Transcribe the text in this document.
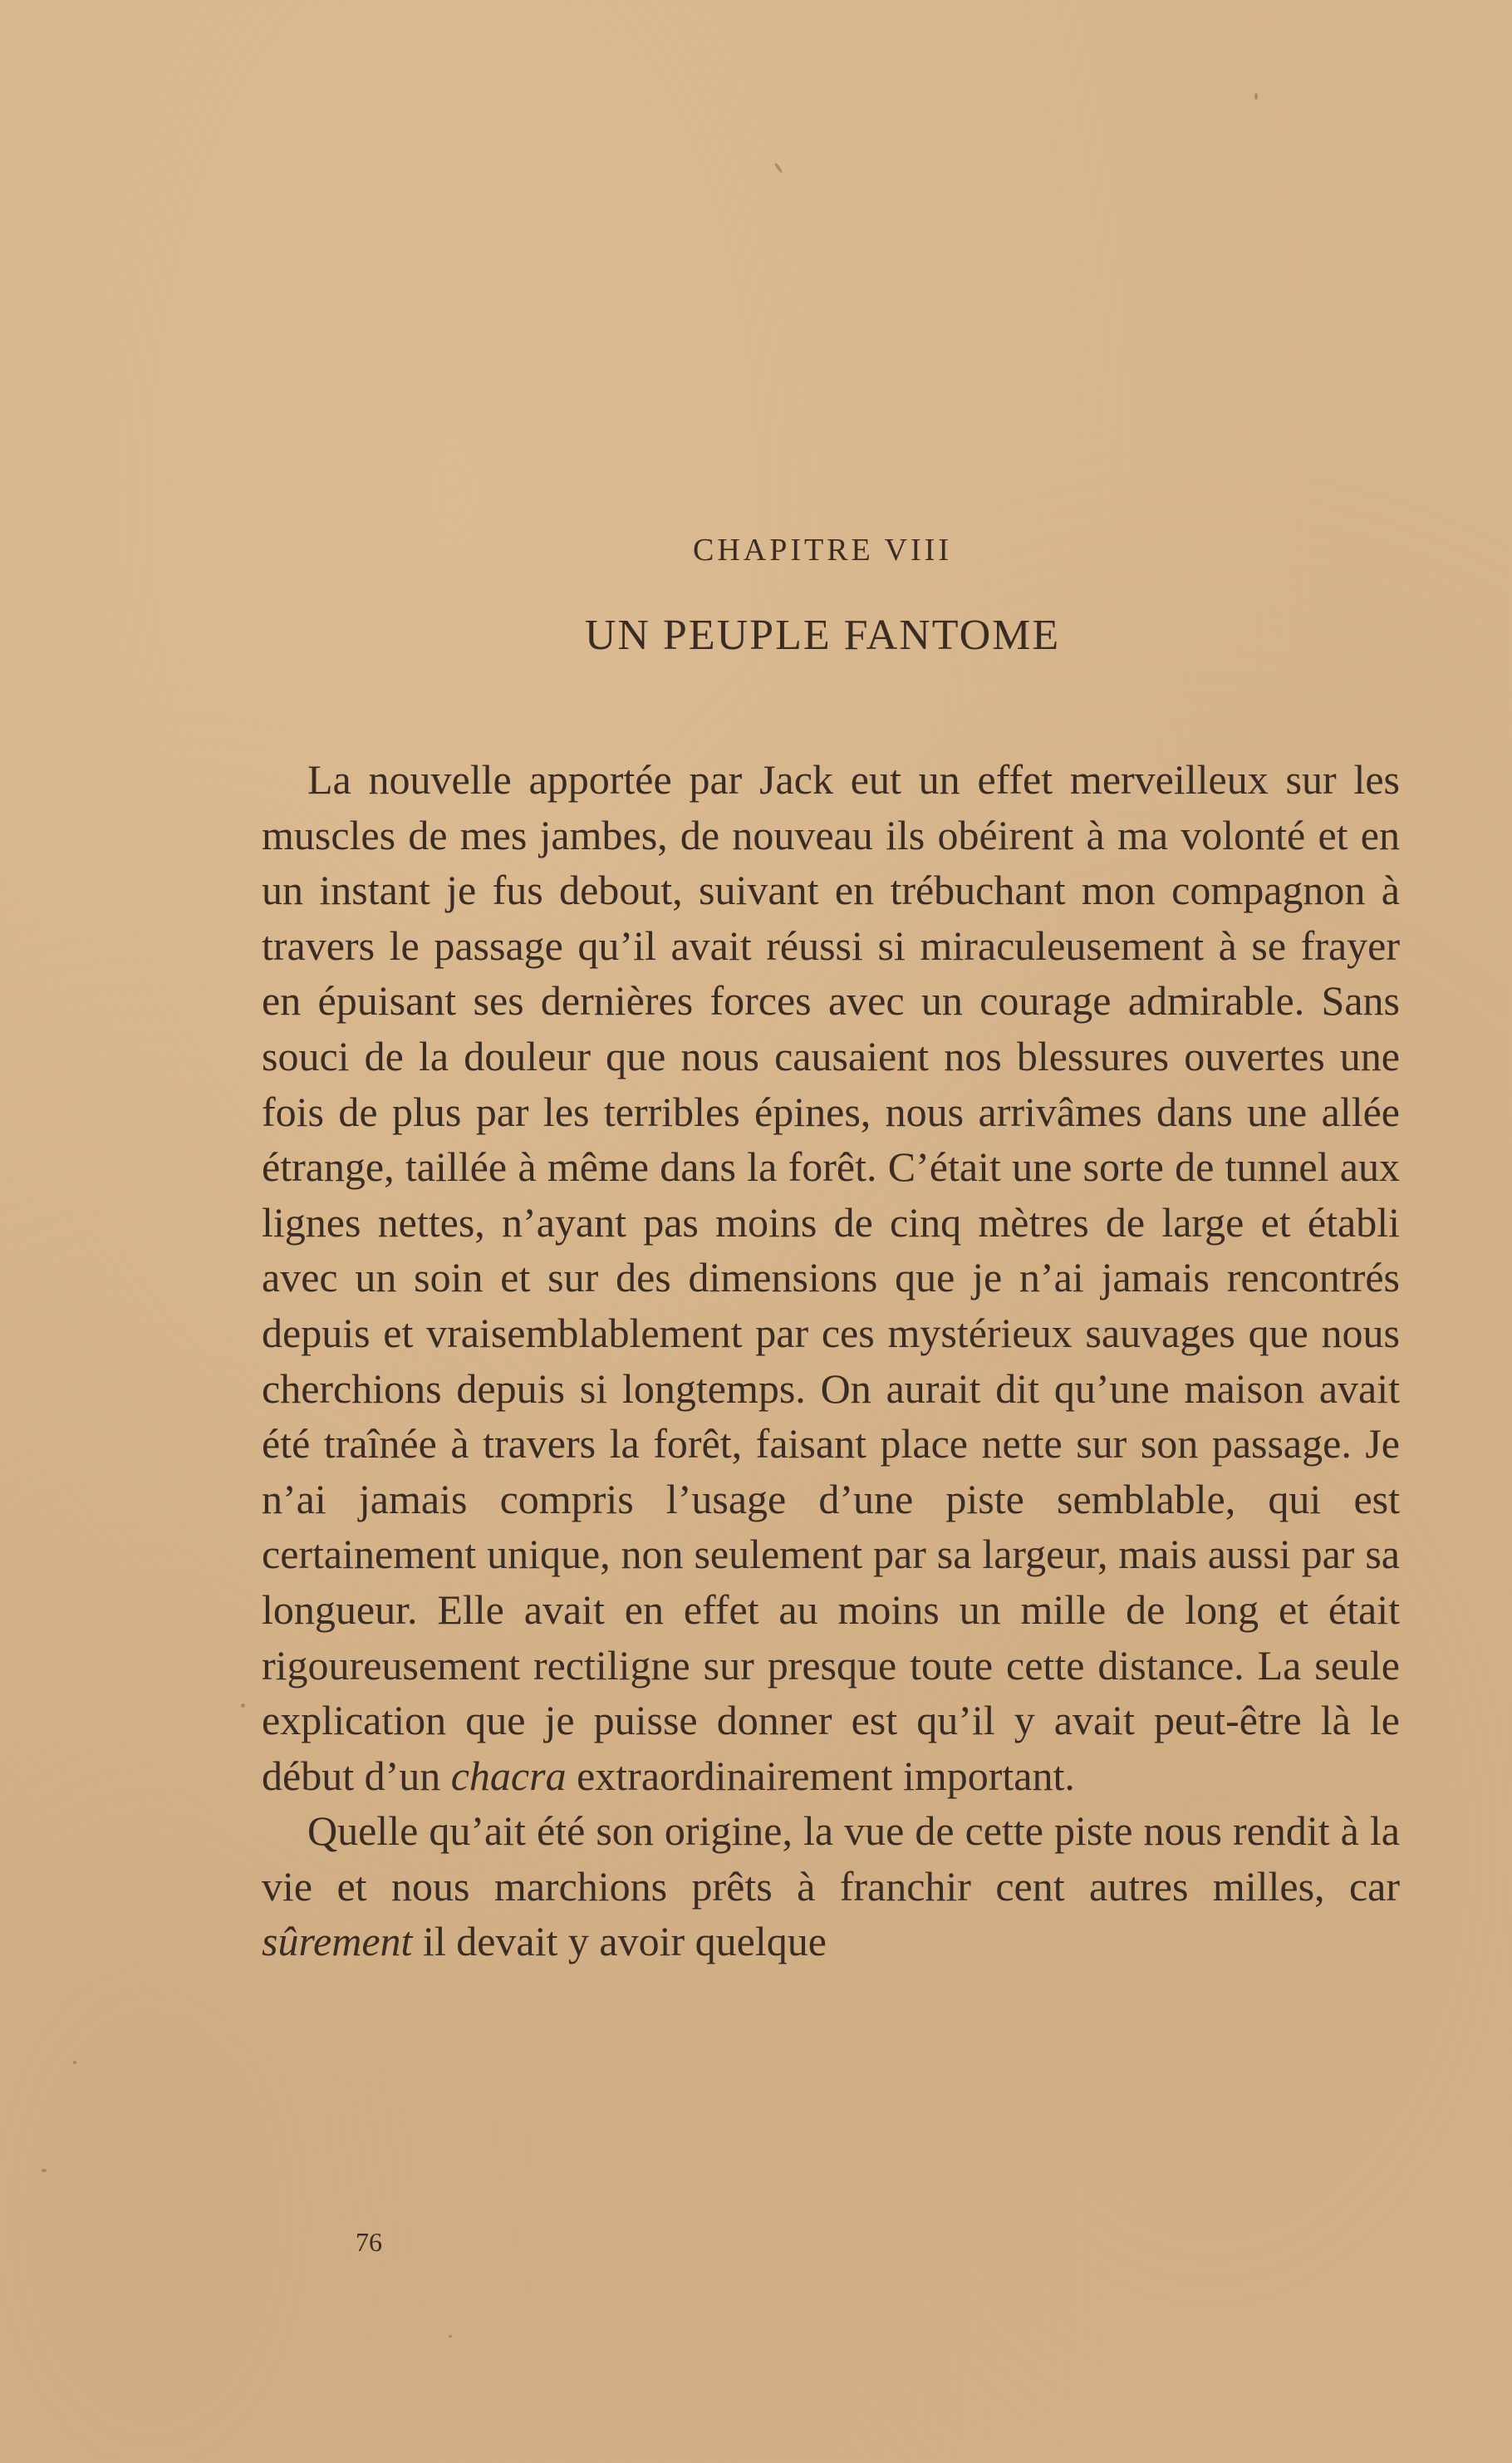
CHAPITRE VIII
UN PEUPLE FANTOME

La nouvelle apportée par Jack eut un effet merveilleux sur les muscles de mes jambes, de nouveau ils obéirent à ma volonté et en un instant je fus debout, suivant en trébuchant mon compagnon à travers le passage qu’il avait réussi si miraculeusement à se frayer en épuisant ses dernières forces avec un courage admirable. Sans souci de la douleur que nous causaient nos blessures ouvertes une fois de plus par les terribles épines, nous arrivâmes dans une allée étrange, taillée à même dans la forêt. C’était une sorte de tunnel aux lignes nettes, n’ayant pas moins de cinq mètres de large et établi avec un soin et sur des dimensions que je n’ai jamais rencontrés depuis et vraisemblablement par ces mystérieux sauvages que nous cherchions depuis si longtemps. On aurait dit qu’une maison avait été traînée à travers la forêt, faisant place nette sur son passage. Je n’ai jamais compris l’usage d’une piste semblable, qui est certainement unique, non seulement par sa largeur, mais aussi par sa longueur. Elle avait en effet au moins un mille de long et était rigoureusement rectiligne sur presque toute cette distance. La seule explication que je puisse donner est qu’il y avait peut-être là le début d’un chacra extraordinairement important.

Quelle qu’ait été son origine, la vue de cette piste nous rendit à la vie et nous marchions prêts à franchir cent autres milles, car sûrement il devait y avoir quelque

76
